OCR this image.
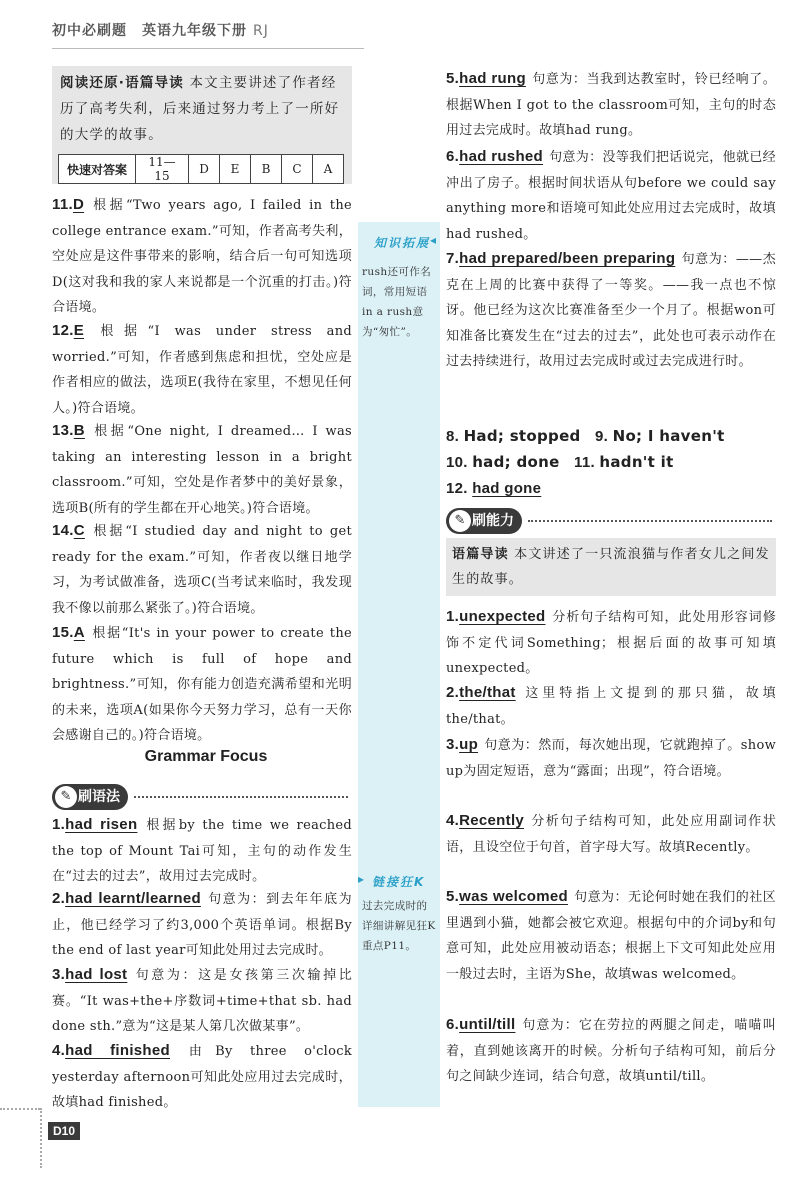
初中必刷题　英语九年级下册 RJ
阅读还原·语篇导读 本文主要讲述了作者经历了高考失利，后来通过努力考上了一所好的大学的故事。
快速对答案	11—15	D	E	B	C	A
11.D 根据“Two years ago, I failed in the college entrance exam.”可知，作者高考失利，空处应是这件事带来的影响，结合后一句可知选项D(这对我和我的家人来说都是一个沉重的打击。)符合语境。
12.E 根据“I was under stress and worried.”可知，作者感到焦虑和担忧，空处应是作者相应的做法，选项E(我待在家里，不想见任何人。)符合语境。
13.B 根据“One night, I dreamed… I was taking an interesting lesson in a bright classroom.”可知，空处是作者梦中的美好景象，选项B(所有的学生都在开心地笑。)符合语境。
14.C 根据“I studied day and night to get ready for the exam.”可知，作者夜以继日地学习，为考试做准备，选项C(当考试来临时，我发现我不像以前那么紧张了。)符合语境。
15.A 根据“It's in your power to create the future which is full of hope and brightness.”可知，你有能力创造充满希望和光明的未来，选项A(如果你今天努力学习，总有一天你会感谢自己的。)符合语境。
Grammar Focus
✎ 刷语法
1.had risen 根据by the time we reached the top of Mount Tai可知，主句的动作发生在“过去的过去”，故用过去完成时。
2.had learnt/learned 句意为：到去年年底为止，他已经学习了约3,000个英语单词。根据By the end of last year可知此处用过去完成时。
3.had lost 句意为：这是女孩第三次输掉比赛。“It was+the+序数词+time+that sb. had done sth.”意为“这是某人第几次做某事”。
4.had finished 由By three o'clock yesterday afternoon可知此处应用过去完成时，故填had finished。
知识拓展 ◂
rush还可作名词，常用短语in a rush意为“匆忙”。
▸ 链接狂K
过去完成时的详细讲解见狂K重点P11。
5.had rung 句意为：当我到达教室时，铃已经响了。根据When I got to the classroom可知，主句的时态用过去完成时。故填had rung。
6.had rushed 句意为：没等我们把话说完，他就已经冲出了房子。根据时间状语从句before we could say anything more和语境可知此处应用过去完成时，故填had rushed。
7.had prepared/been preparing 句意为：——杰克在上周的比赛中获得了一等奖。——我一点也不惊讶。他已经为这次比赛准备至少一个月了。根据won可知准备比赛发生在“过去的过去”，此处也可表示动作在过去持续进行，故用过去完成时或过去完成进行时。
8. Had; stopped 9. No; I haven't
10. had; done 11. hadn't it
12. had gone
✎ 刷能力
语篇导读 本文讲述了一只流浪猫与作者女儿之间发生的故事。
1.unexpected 分析句子结构可知，此处用形容词修饰不定代词Something；根据后面的故事可知填unexpected。
2.the/that 这里特指上文提到的那只猫，故填the/that。
3.up 句意为：然而，每次她出现，它就跑掉了。show up为固定短语，意为“露面；出现”，符合语境。
4.Recently 分析句子结构可知，此处应用副词作状语，且设空位于句首，首字母大写。故填Recently。
5.was welcomed 句意为：无论何时她在我们的社区里遇到小猫，她都会被它欢迎。根据句中的介词by和句意可知，此处应用被动语态；根据上下文可知此处应用一般过去时，主语为She，故填was welcomed。
6.until/till 句意为：它在劳拉的两腿之间走，喵喵叫着，直到她该离开的时候。分析句子结构可知，前后分句之间缺少连词，结合句意，故填until/till。
D10
